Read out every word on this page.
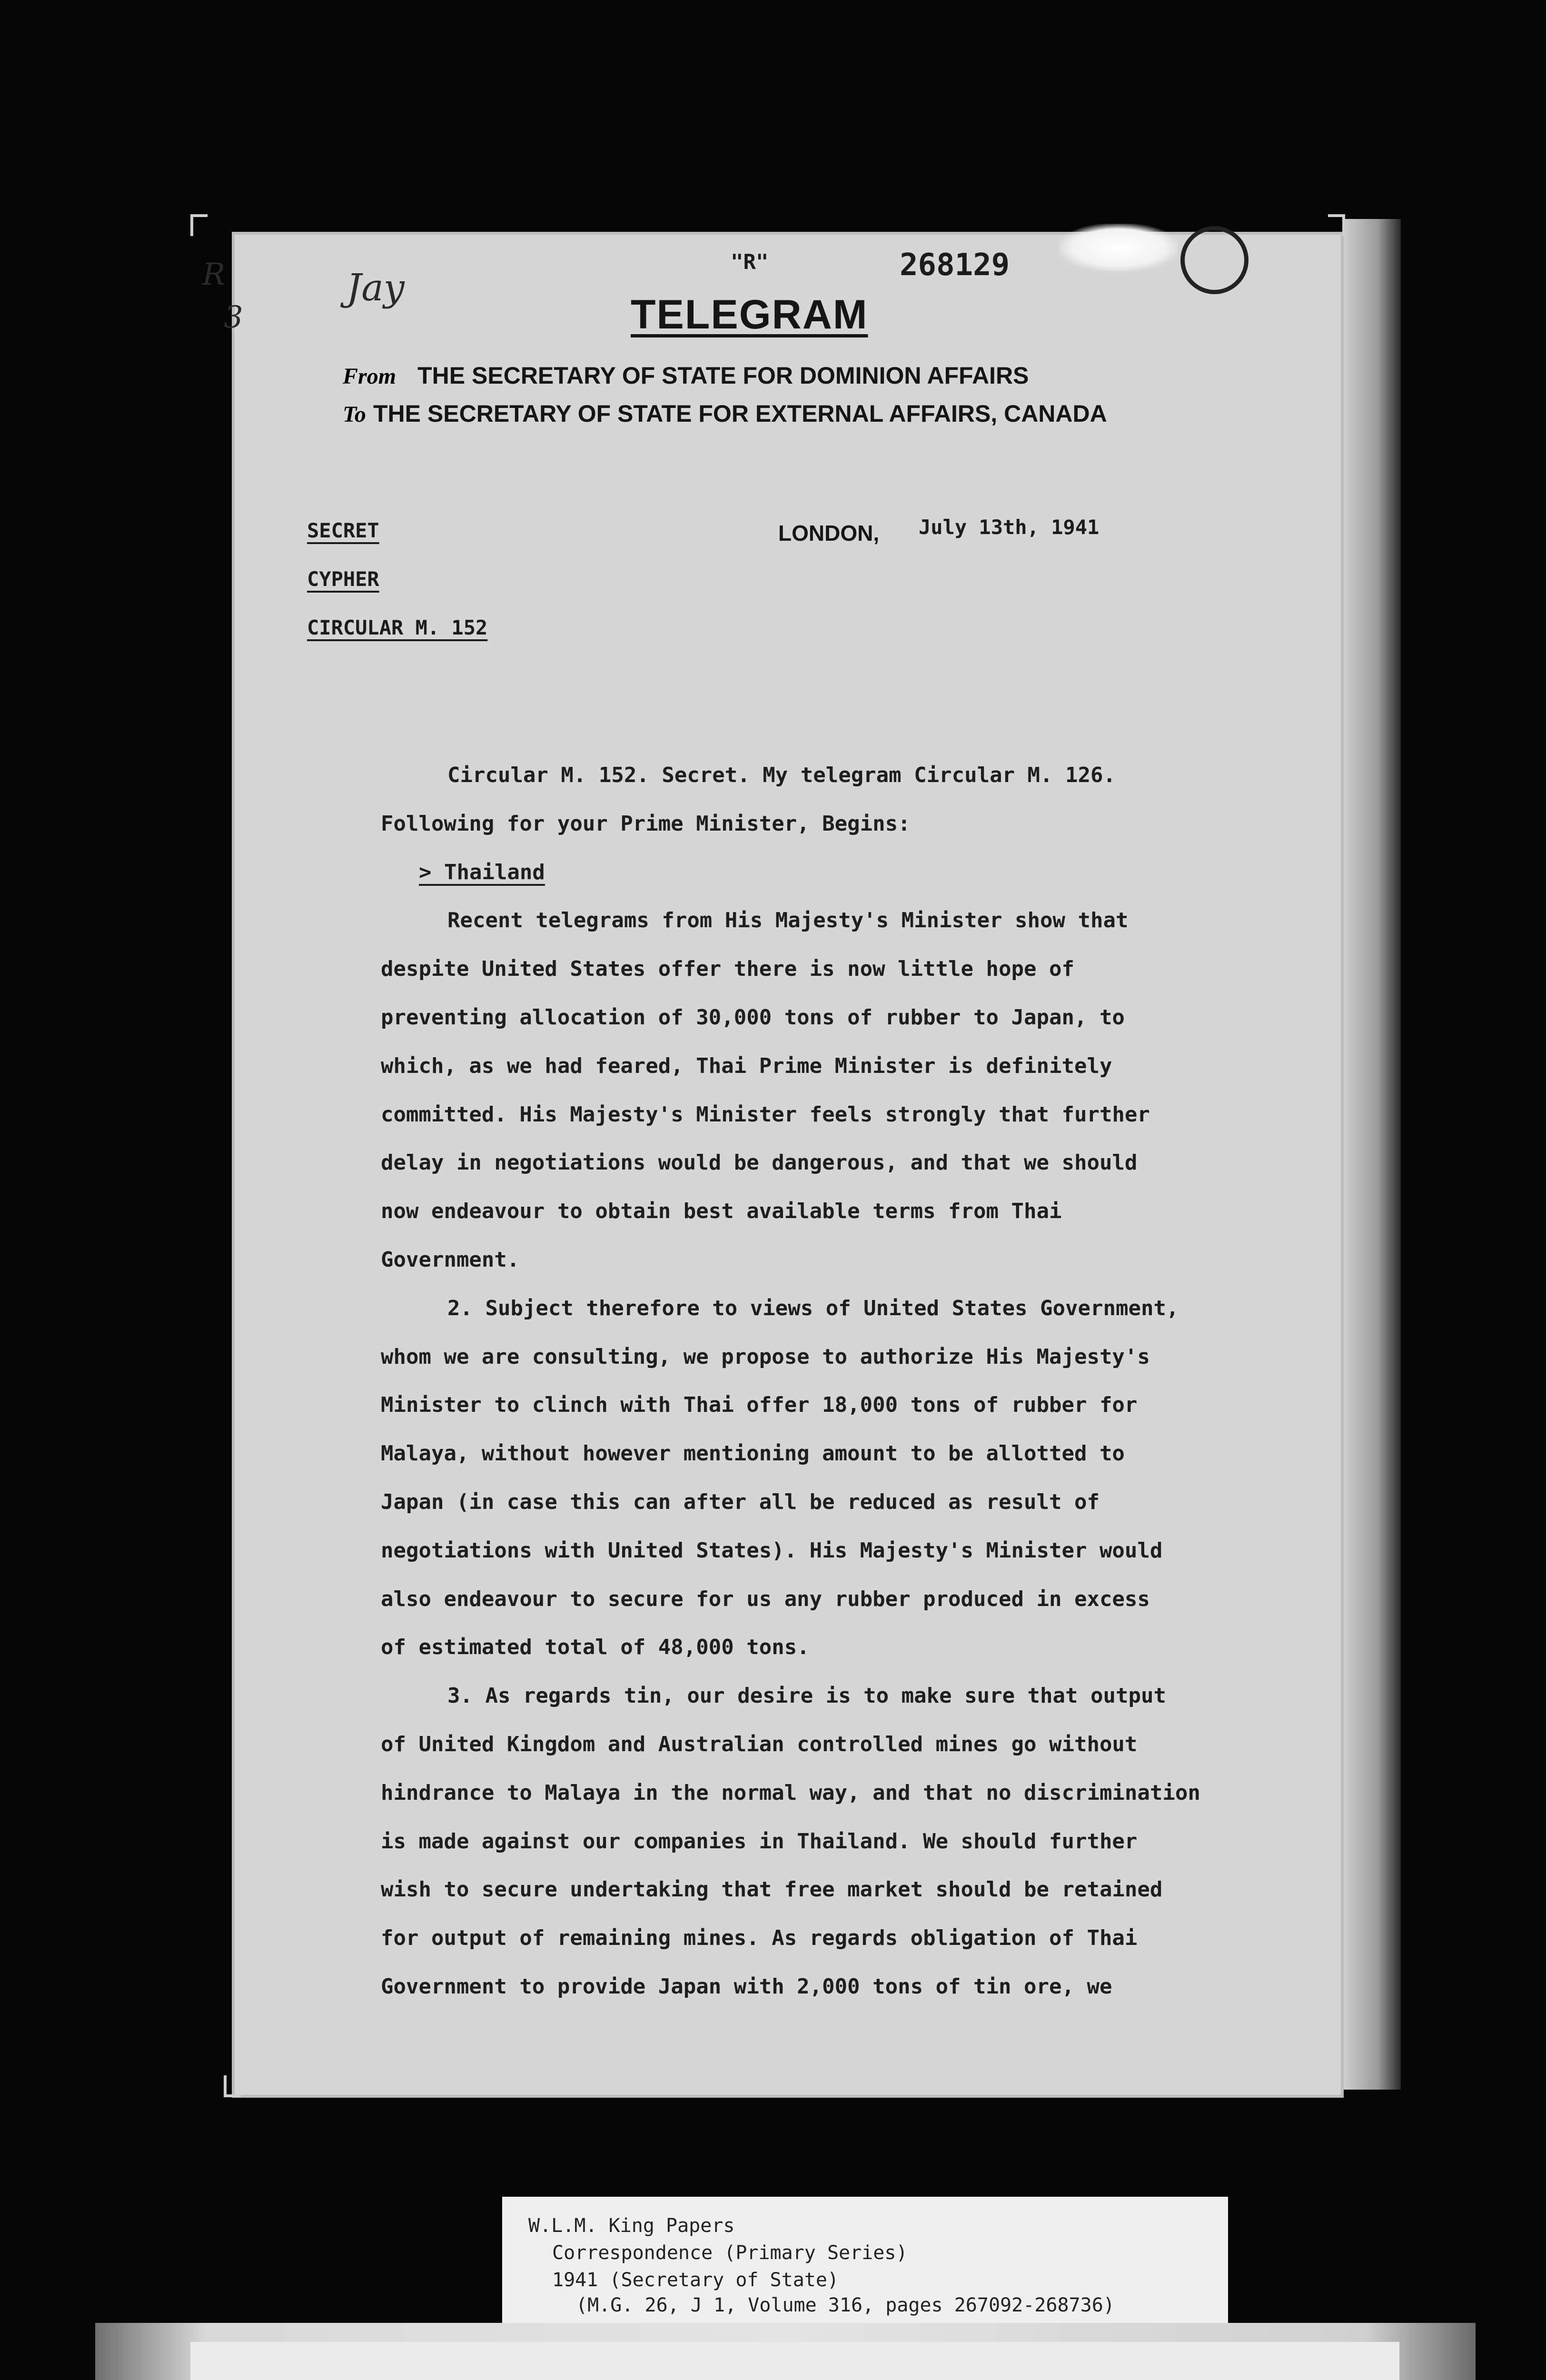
R
3
Jay
"R"	268129
TELEGRAM
From THE SECRETARY OF STATE FOR DOMINION AFFAIRS
To THE SECRETARY OF STATE FOR EXTERNAL AFFAIRS, CANADA
SECRET
CYPHER
CIRCULAR M. 152
LONDON, July 13th, 1941
Circular M. 152. Secret. My telegram Circular M. 126.
Following for your Prime Minister, Begins:
> Thailand
Recent telegrams from His Majesty's Minister show that
despite United States offer there is now little hope of
preventing allocation of 30,000 tons of rubber to Japan, to
which, as we had feared, Thai Prime Minister is definitely
committed. His Majesty's Minister feels strongly that further
delay in negotiations would be dangerous, and that we should
now endeavour to obtain best available terms from Thai
Government.
2. Subject therefore to views of United States Government,
whom we are consulting, we propose to authorize His Majesty's
Minister to clinch with Thai offer 18,000 tons of rubber for
Malaya, without however mentioning amount to be allotted to
Japan (in case this can after all be reduced as result of
negotiations with United States). His Majesty's Minister would
also endeavour to secure for us any rubber produced in excess
of estimated total of 48,000 tons.
3. As regards tin, our desire is to make sure that output
of United Kingdom and Australian controlled mines go without
hindrance to Malaya in the normal way, and that no discrimination
is made against our companies in Thailand. We should further
wish to secure undertaking that free market should be retained
for output of remaining mines. As regards obligation of Thai
Government to provide Japan with 2,000 tons of tin ore, we
W.L.M. King Papers
Correspondence (Primary Series)
1941 (Secretary of State)
(M.G. 26, J 1, Volume 316, pages 267092-268736)
